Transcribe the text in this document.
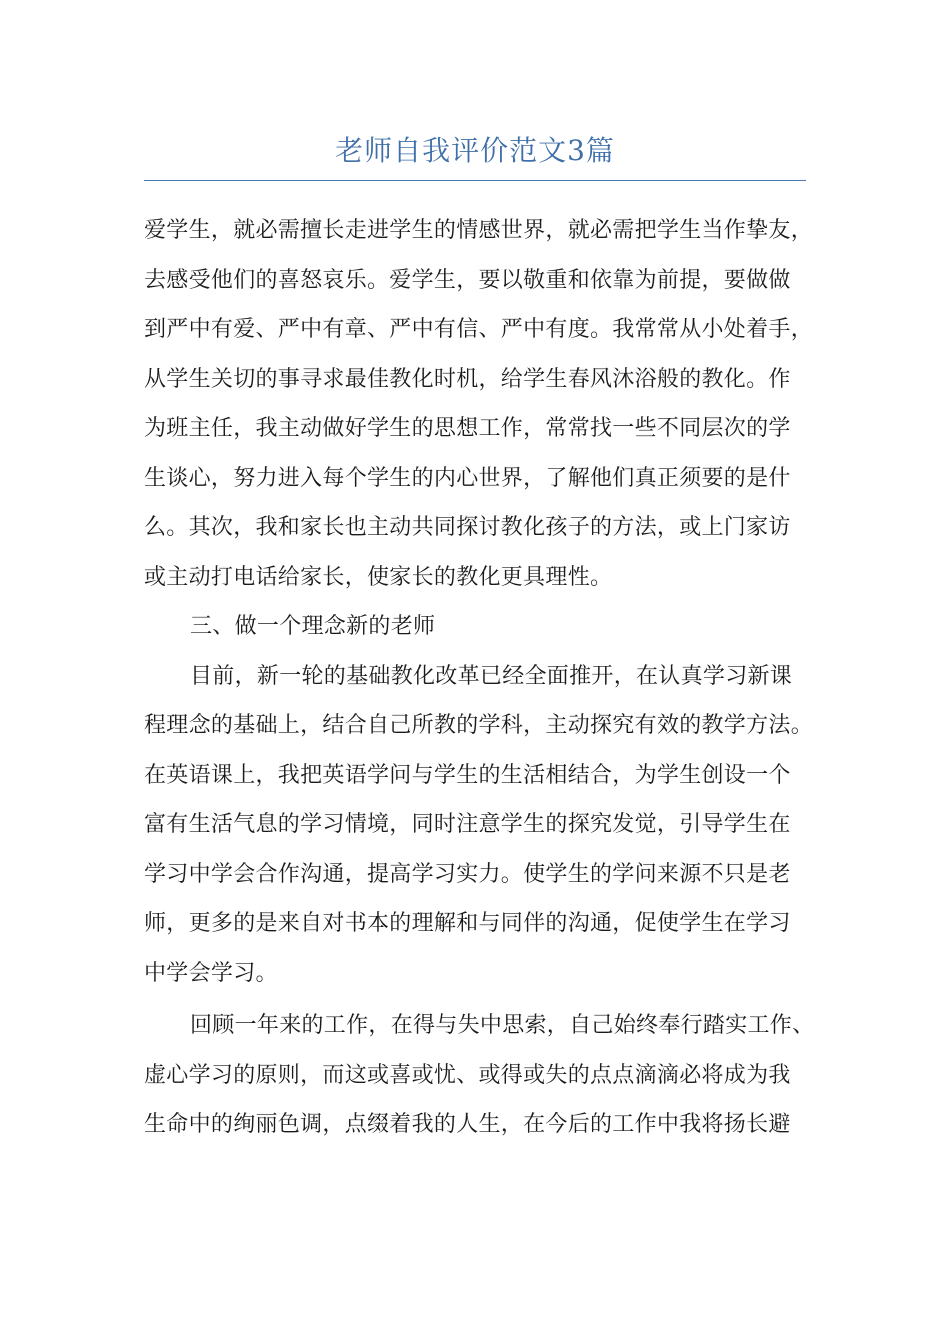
老师自我评价范文3篇
爱学生，就必需擅长走进学生的情感世界，就必需把学生当作挚友，
去感受他们的喜怒哀乐。爱学生，要以敬重和依靠为前提，要做做
到严中有爱、严中有章、严中有信、严中有度。我常常从小处着手，
从学生关切的事寻求最佳教化时机，给学生春风沐浴般的教化。作
为班主任，我主动做好学生的思想工作，常常找一些不同层次的学
生谈心，努力进入每个学生的内心世界，了解他们真正须要的是什
么。其次，我和家长也主动共同探讨教化孩子的方法，或上门家访
或主动打电话给家长，使家长的教化更具理性。
三、做一个理念新的老师
目前，新一轮的基础教化改革已经全面推开，在认真学习新课
程理念的基础上，结合自己所教的学科，主动探究有效的教学方法。
在英语课上，我把英语学问与学生的生活相结合，为学生创设一个
富有生活气息的学习情境，同时注意学生的探究发觉，引导学生在
学习中学会合作沟通，提高学习实力。使学生的学问来源不只是老
师，更多的是来自对书本的理解和与同伴的沟通，促使学生在学习
中学会学习。
回顾一年来的工作，在得与失中思索，自己始终奉行踏实工作、
虚心学习的原则，而这或喜或忧、或得或失的点点滴滴必将成为我
生命中的绚丽色调，点缀着我的人生，在今后的工作中我将扬长避
